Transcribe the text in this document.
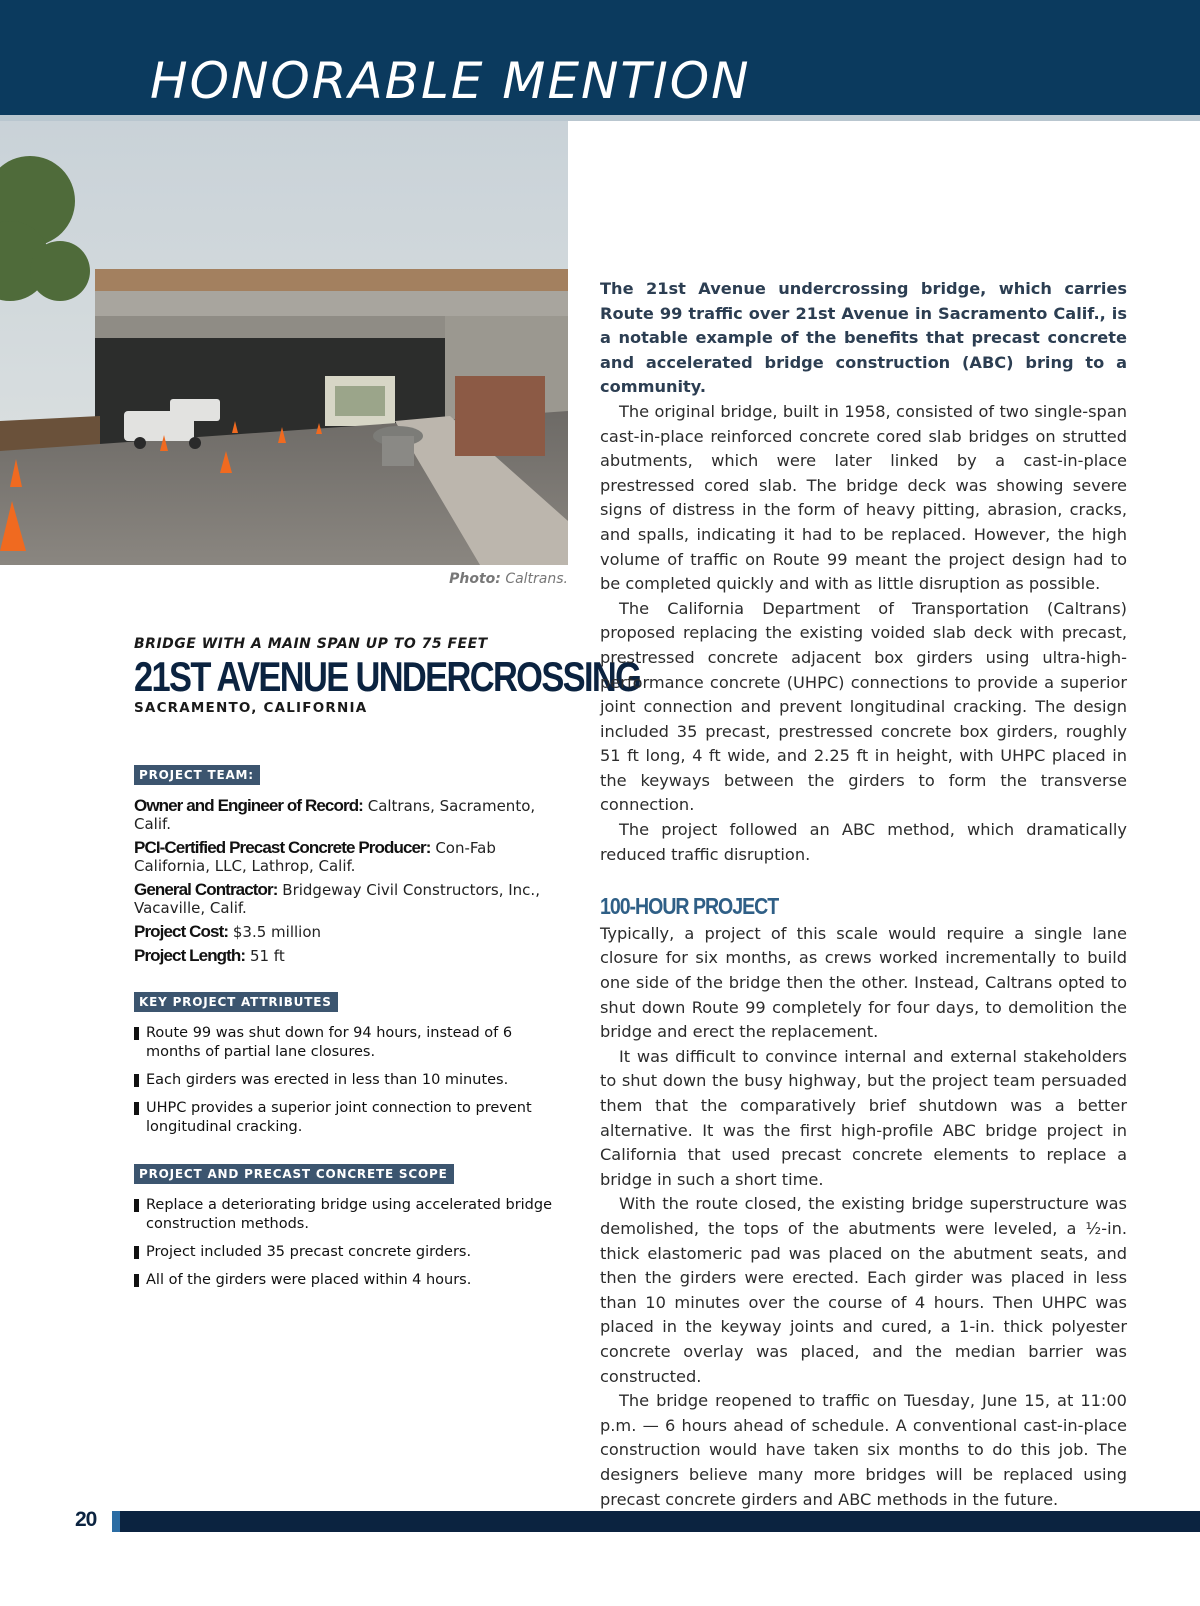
HONORABLE MENTION
Photo: Caltrans.
BRIDGE WITH A MAIN SPAN UP TO 75 FEET
21ST AVENUE UNDERCROSSING
SACRAMENTO, CALIFORNIA
PROJECT TEAM:
Owner and Engineer of Record: Caltrans, Sacramento, Calif.
PCI-Certified Precast Concrete Producer: Con-Fab California, LLC, Lathrop, Calif.
General Contractor: Bridgeway Civil Constructors, Inc., Vacaville, Calif.
Project Cost: $3.5 million
Project Length: 51 ft
KEY PROJECT ATTRIBUTES
Route 99 was shut down for 94 hours, instead of 6 months of partial lane closures.
Each girders was erected in less than 10 minutes.
UHPC provides a superior joint connection to prevent longitudinal cracking.
PROJECT AND PRECAST CONCRETE SCOPE
Replace a deteriorating bridge using accelerated bridge construction methods.
Project included 35 precast concrete girders.
All of the girders were placed within 4 hours.

The 21st Avenue undercrossing bridge, which carries Route 99 traffic over 21st Avenue in Sacramento Calif., is a notable example of the benefits that precast concrete and accelerated bridge construction (ABC) bring to a community.

The original bridge, built in 1958, consisted of two single-span cast-in-place reinforced concrete cored slab bridges on strutted abutments, which were later linked by a cast-in-place prestressed cored slab. The bridge deck was showing severe signs of distress in the form of heavy pitting, abrasion, cracks, and spalls, indicating it had to be replaced. However, the high volume of traffic on Route 99 meant the project design had to be completed quickly and with as little disruption as possible.

The California Department of Transportation (Caltrans) proposed replacing the existing voided slab deck with precast, prestressed concrete adjacent box girders using ultra-high-performance concrete (UHPC) connections to provide a superior joint connection and prevent longitudinal cracking. The design included 35 precast, prestressed concrete box girders, roughly 51 ft long, 4 ft wide, and 2.25 ft in height, with UHPC placed in the keyways between the girders to form the transverse connection.

The project followed an ABC method, which dramatically reduced traffic disruption.

100-HOUR PROJECT

Typically, a project of this scale would require a single lane closure for six months, as crews worked incrementally to build one side of the bridge then the other. Instead, Caltrans opted to shut down Route 99 completely for four days, to demolition the bridge and erect the replacement.

It was difficult to convince internal and external stakeholders to shut down the busy highway, but the project team persuaded them that the comparatively brief shutdown was a better alternative. It was the first high-profile ABC bridge project in California that used precast concrete elements to replace a bridge in such a short time.

With the route closed, the existing bridge superstructure was demolished, the tops of the abutments were leveled, a ½-in. thick elastomeric pad was placed on the abutment seats, and then the girders were erected. Each girder was placed in less than 10 minutes over the course of 4 hours. Then UHPC was placed in the keyway joints and cured, a 1-in. thick polyester concrete overlay was placed, and the median barrier was constructed.

The bridge reopened to traffic on Tuesday, June 15, at 11:00 p.m. — 6 hours ahead of schedule. A conventional cast-in-place construction would have taken six months to do this job. The designers believe many more bridges will be replaced using precast concrete girders and ABC methods in the future.

20
